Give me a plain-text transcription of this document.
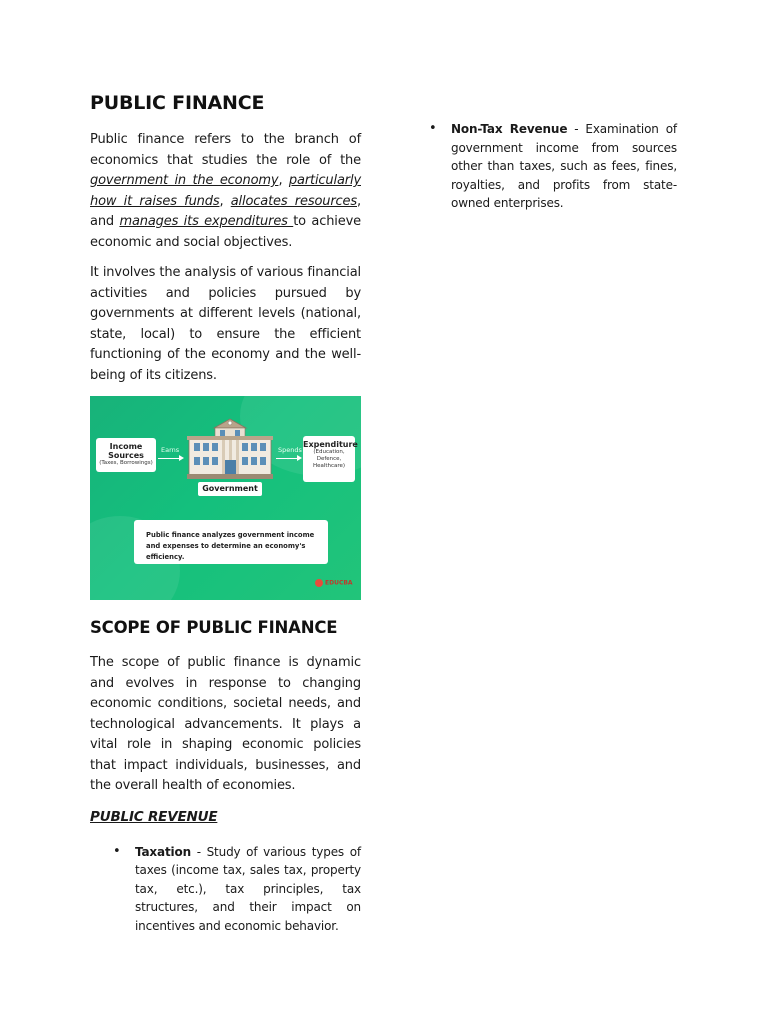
PUBLIC FINANCE

Public finance refers to the branch of economics that studies the role of the government in the economy, particularly how it raises funds, allocates resources, and manages its expenditures to achieve economic and social objectives.

It involves the analysis of various financial activities and policies pursued by governments at different levels (national, state, local) to ensure the efficient functioning of the economy and the well-being of its citizens.

Income Sources
(Taxes, Borrowings)
Earns
Government
Spends
Expenditure
(Education, Defence, Healthcare)
Public finance analyzes government income and expenses to determine an economy's efficiency.
EDUCBA
SCOPE OF PUBLIC FINANCE

The scope of public finance is dynamic and evolves in response to changing economic conditions, societal needs, and technological advancements. It plays a vital role in shaping economic policies that impact individuals, businesses, and the overall health of economies.

PUBLIC REVENUE
• Taxation - Study of various types of taxes (income tax, sales tax, property tax, etc.), tax principles, tax structures, and their impact on incentives and economic behavior.
• Non-Tax Revenue - Examination of government income from sources other than taxes, such as fees, fines, royalties, and profits from state-owned enterprises.
